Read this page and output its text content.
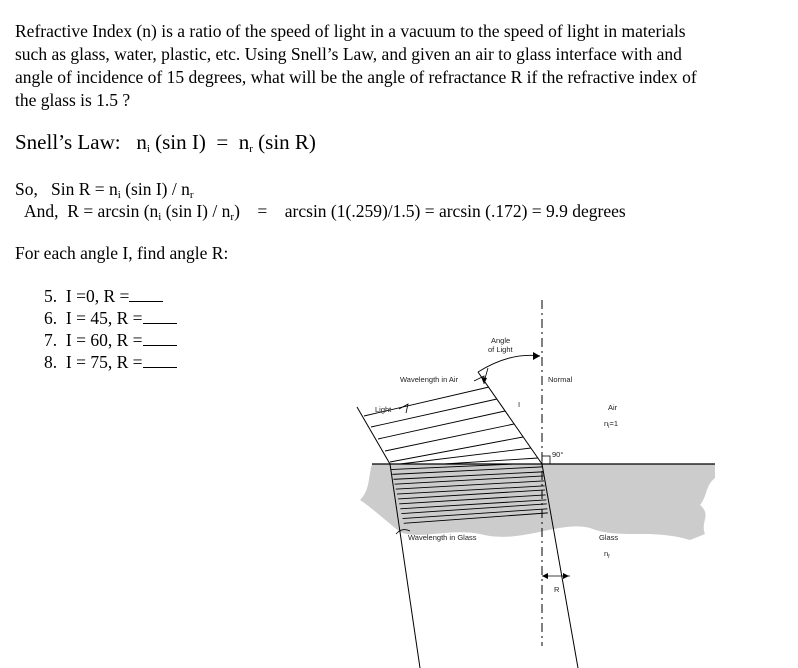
Refractive Index (n) is a ratio of the speed of light in a vacuum to the speed of light in materials
such as glass, water, plastic, etc. Using Snell’s Law, and given an air to glass interface with and
angle of incidence of 15 degrees, what will be the angle of refractance R if the refractive index of
the glass is 1.5 ?
Snell’s Law: $n_i$ (sin $I) = n_r$ (sin R)
So, Sin $R = n_i$ (sin $I) / n_r$
And, $R = \arcsin (n_i$ (sin $I) / n_r) = \arcsin (1(.259)/1.5) = \arcsin (.172) = 9.9$ degrees
For each angle I, find angle R:
5. I =0, R =
6. I = 45, R =
7. I = 60, R =
8. I = 75, R =
Angle
of Light
Wavelength in Air	Normal
Light
I	Air
$n_i=1$
90°
Wavelength in Glass	Glass
$n_r$
R
